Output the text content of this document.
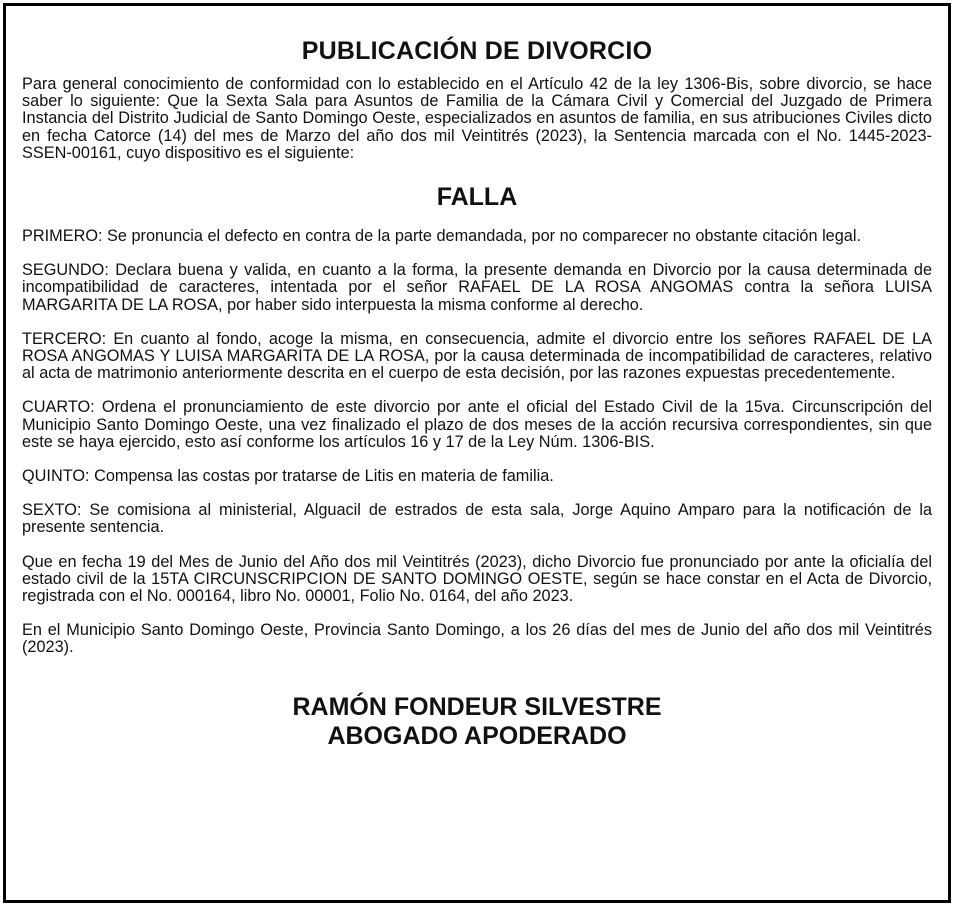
PUBLICACIÓN DE DIVORCIO

Para general conocimiento de conformidad con lo establecido en el Artículo 42 de la ley 1306-Bis, sobre divorcio, se hace saber lo siguiente: Que la Sexta Sala para Asuntos de Familia de la Cámara Civil y Comercial del Juzgado de Primera Instancia del Distrito Judicial de Santo Domingo Oeste, especializados en asuntos de familia, en sus atribuciones Civiles dicto en fecha Catorce (14) del mes de Marzo del año dos mil Veintitrés (2023), la Sentencia marcada con el No. 1445-2023-SSEN-00161, cuyo dispositivo es el siguiente:

FALLA

PRIMERO: Se pronuncia el defecto en contra de la parte demandada, por no comparecer no obstante citación legal.

SEGUNDO: Declara buena y valida, en cuanto a la forma, la presente demanda en Divorcio por la causa determinada de incompatibilidad de caracteres, intentada por el señor RAFAEL DE LA ROSA ANGOMAS contra la señora LUISA MARGARITA DE LA ROSA, por haber sido interpuesta la misma conforme al derecho.

TERCERO: En cuanto al fondo, acoge la misma, en consecuencia, admite el divorcio entre los señores RAFAEL DE LA ROSA ANGOMAS Y LUISA MARGARITA DE LA ROSA, por la causa determinada de incompatibilidad de caracteres, relativo al acta de matrimonio anteriormente descrita en el cuerpo de esta decisión, por las razones expuestas precedentemente.

CUARTO: Ordena el pronunciamiento de este divorcio por ante el oficial del Estado Civil de la 15va. Circunscripción del Municipio Santo Domingo Oeste, una vez finalizado el plazo de dos meses de la acción recursiva correspondientes, sin que este se haya ejercido, esto así conforme los artículos 16 y 17 de la Ley Núm. 1306-BIS.

QUINTO: Compensa las costas por tratarse de Litis en materia de familia.

SEXTO: Se comisiona al ministerial, Alguacil de estrados de esta sala, Jorge Aquino Amparo para la notificación de la presente sentencia.

Que en fecha 19 del Mes de Junio del Año dos mil Veintitrés (2023), dicho Divorcio fue pronunciado por ante la oficialía del estado civil de la 15TA CIRCUNSCRIPCION DE SANTO DOMINGO OESTE, según se hace constar en el Acta de Divorcio, registrada con el No. 000164, libro No. 00001, Folio No. 0164, del año 2023.

En el Municipio Santo Domingo Oeste, Provincia Santo Domingo, a los 26 días del mes de Junio del año dos mil Veintitrés (2023).

RAMÓN FONDEUR SILVESTRE
ABOGADO APODERADO
